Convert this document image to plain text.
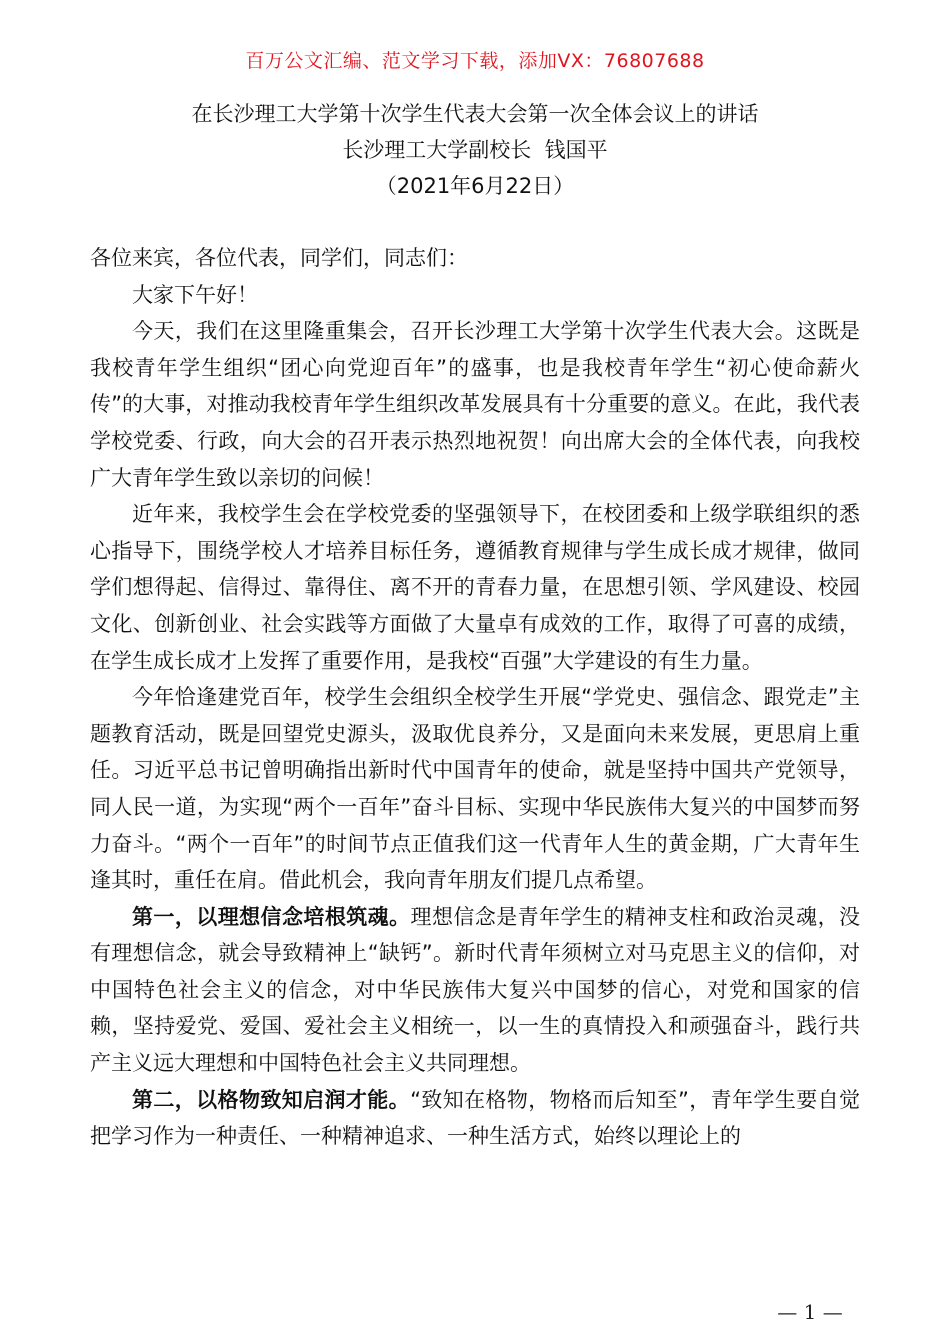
百万公文汇编、范文学习下载，添加VX：76807688
在长沙理工大学第十次学生代表大会第一次全体会议上的讲话
长沙理工大学副校长  钱国平
（2021年6月22日）

各位来宾，各位代表，同学们，同志们：

大家下午好！

今天，我们在这里隆重集会，召开长沙理工大学第十次学生代表大会。这既是我校青年学生组织“团心向党迎百年”的盛事，也是我校青年学生“初心使命薪火传”的大事，对推动我校青年学生组织改革发展具有十分重要的意义。在此，我代表学校党委、行政，向大会的召开表示热烈地祝贺！向出席大会的全体代表，向我校广大青年学生致以亲切的问候！

近年来，我校学生会在学校党委的坚强领导下，在校团委和上级学联组织的悉心指导下，围绕学校人才培养目标任务，遵循教育规律与学生成长成才规律，做同学们想得起、信得过、靠得住、离不开的青春力量，在思想引领、学风建设、校园文化、创新创业、社会实践等方面做了大量卓有成效的工作，取得了可喜的成绩，在学生成长成才上发挥了重要作用，是我校“百强”大学建设的有生力量。

今年恰逢建党百年，校学生会组织全校学生开展“学党史、强信念、跟党走”主题教育活动，既是回望党史源头，汲取优良养分，又是面向未来发展，更思肩上重任。习近平总书记曾明确指出新时代中国青年的使命，就是坚持中国共产党领导，同人民一道，为实现“两个一百年”奋斗目标、实现中华民族伟大复兴的中国梦而努力奋斗。“两个一百年”的时间节点正值我们这一代青年人生的黄金期，广大青年生逢其时，重任在肩。借此机会，我向青年朋友们提几点希望。

第一，以理想信念培根筑魂。理想信念是青年学生的精神支柱和政治灵魂，没有理想信念，就会导致精神上“缺钙”。新时代青年须树立对马克思主义的信仰，对中国特色社会主义的信念，对中华民族伟大复兴中国梦的信心，对党和国家的信赖，坚持爱党、爱国、爱社会主义相统一，以一生的真情投入和顽强奋斗，践行共产主义远大理想和中国特色社会主义共同理想。

第二，以格物致知启润才能。“致知在格物，物格而后知至”，青年学生要自觉把学习作为一种责任、一种精神追求、一种生活方式，始终以理论上的

— 1 —
